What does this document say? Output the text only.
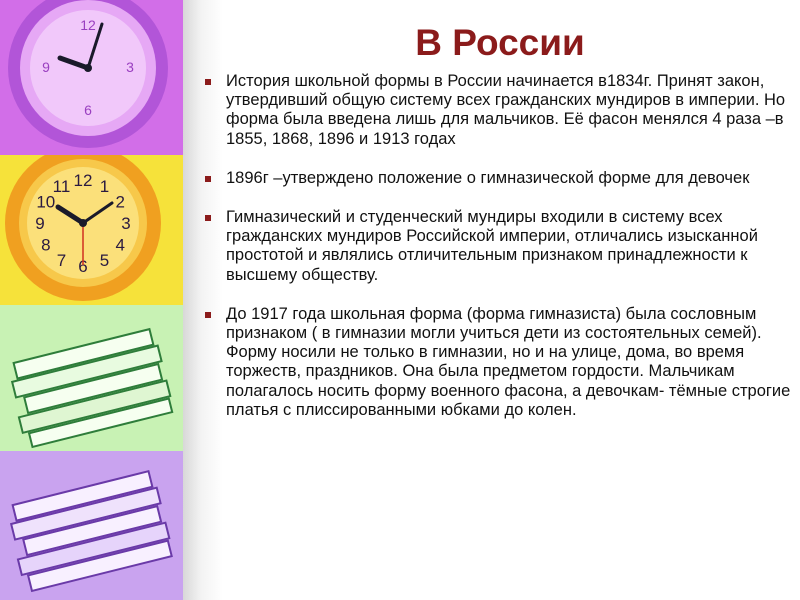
12
3
6
9
12 1
2
3
4
5
6
7
8
9
10
11
В России
История школьной формы в России начинается в1834г. Принят закон, утвердивший общую систему всех гражданских мундиров в империи. Но форма была введена лишь для мальчиков. Её фасон менялся 4 раза –в 1855, 1868, 1896 и 1913 годах
1896г –утверждено положение о гимназической форме для девочек
Гимназический и студенческий мундиры входили в систему всех гражданских мундиров Российской империи, отличались изысканной простотой и являлись отличительным признаком принадлежности к высшему обществу.
До 1917 года школьная форма (форма гимназиста) была сословным признаком ( в гимназии могли учиться дети из состоятельных семей). Форму носили не только в гимназии, но и на улице, дома, во время торжеств, праздников. Она была предметом гордости. Мальчикам полагалось носить форму военного фасона, а девочкам- тёмные строгие платья с плиссированными юбками до колен.
